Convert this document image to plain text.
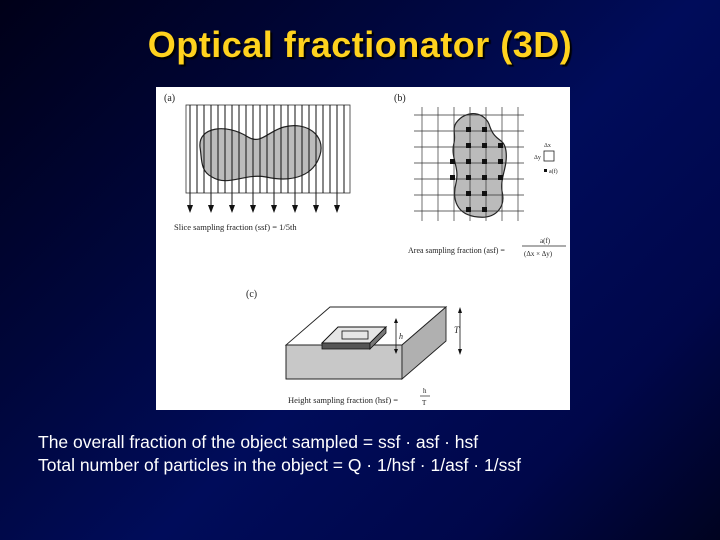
Optical fractionator (3D)
(a)
Slice sampling fraction (ssf) = 1/5th
(b)
Δx
Δy
a(f)
Area sampling fraction (asf) =
a(f)
(Δx × Δy)
(c)
h
T
Height sampling fraction (hsf) =
h
T
The overall fraction of the object sampled = ssf · asf · hsf
Total number of particles in the object = Q · 1/hsf · 1/asf · 1/ssf
